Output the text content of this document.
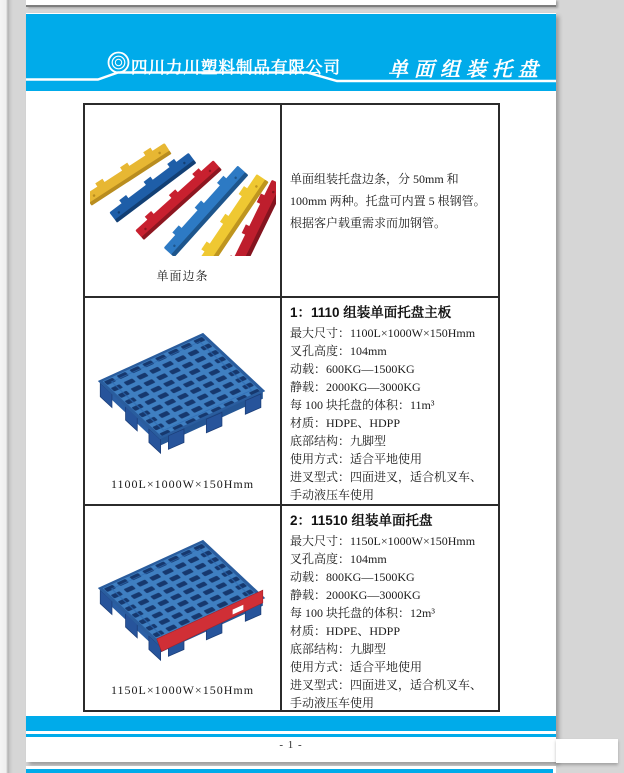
四川力川塑料制品有限公司 单面组装托盘
单面边条

单面组装托盘边条，分 50mm 和 100mm 两种。托盘可内置 5 根钢管。根据客户载重需求而加钢管。

1100L×1000W×150Hmm
1：1110 组装单面托盘主板
最大尺寸：1100L×1000W×150Hmm
叉孔高度：104mm
动载：600KG—1500KG
静载：2000KG—3000KG
每 100 块托盘的体积：11m³
材质：HDPE、HDPP
底部结构：九脚型
使用方式：适合平地使用
进叉型式：四面进叉，适合机叉车、手动液压车使用
1150L×1000W×150Hmm
2：11510 组装单面托盘
最大尺寸：1150L×1000W×150Hmm
叉孔高度：104mm
动载：800KG—1500KG
静载：2000KG—3000KG
每 100 块托盘的体积：12m³
材质：HDPE、HDPP
底部结构：九脚型
使用方式：适合平地使用
进叉型式：四面进叉，适合机叉车、手动液压车使用
- 1 -
